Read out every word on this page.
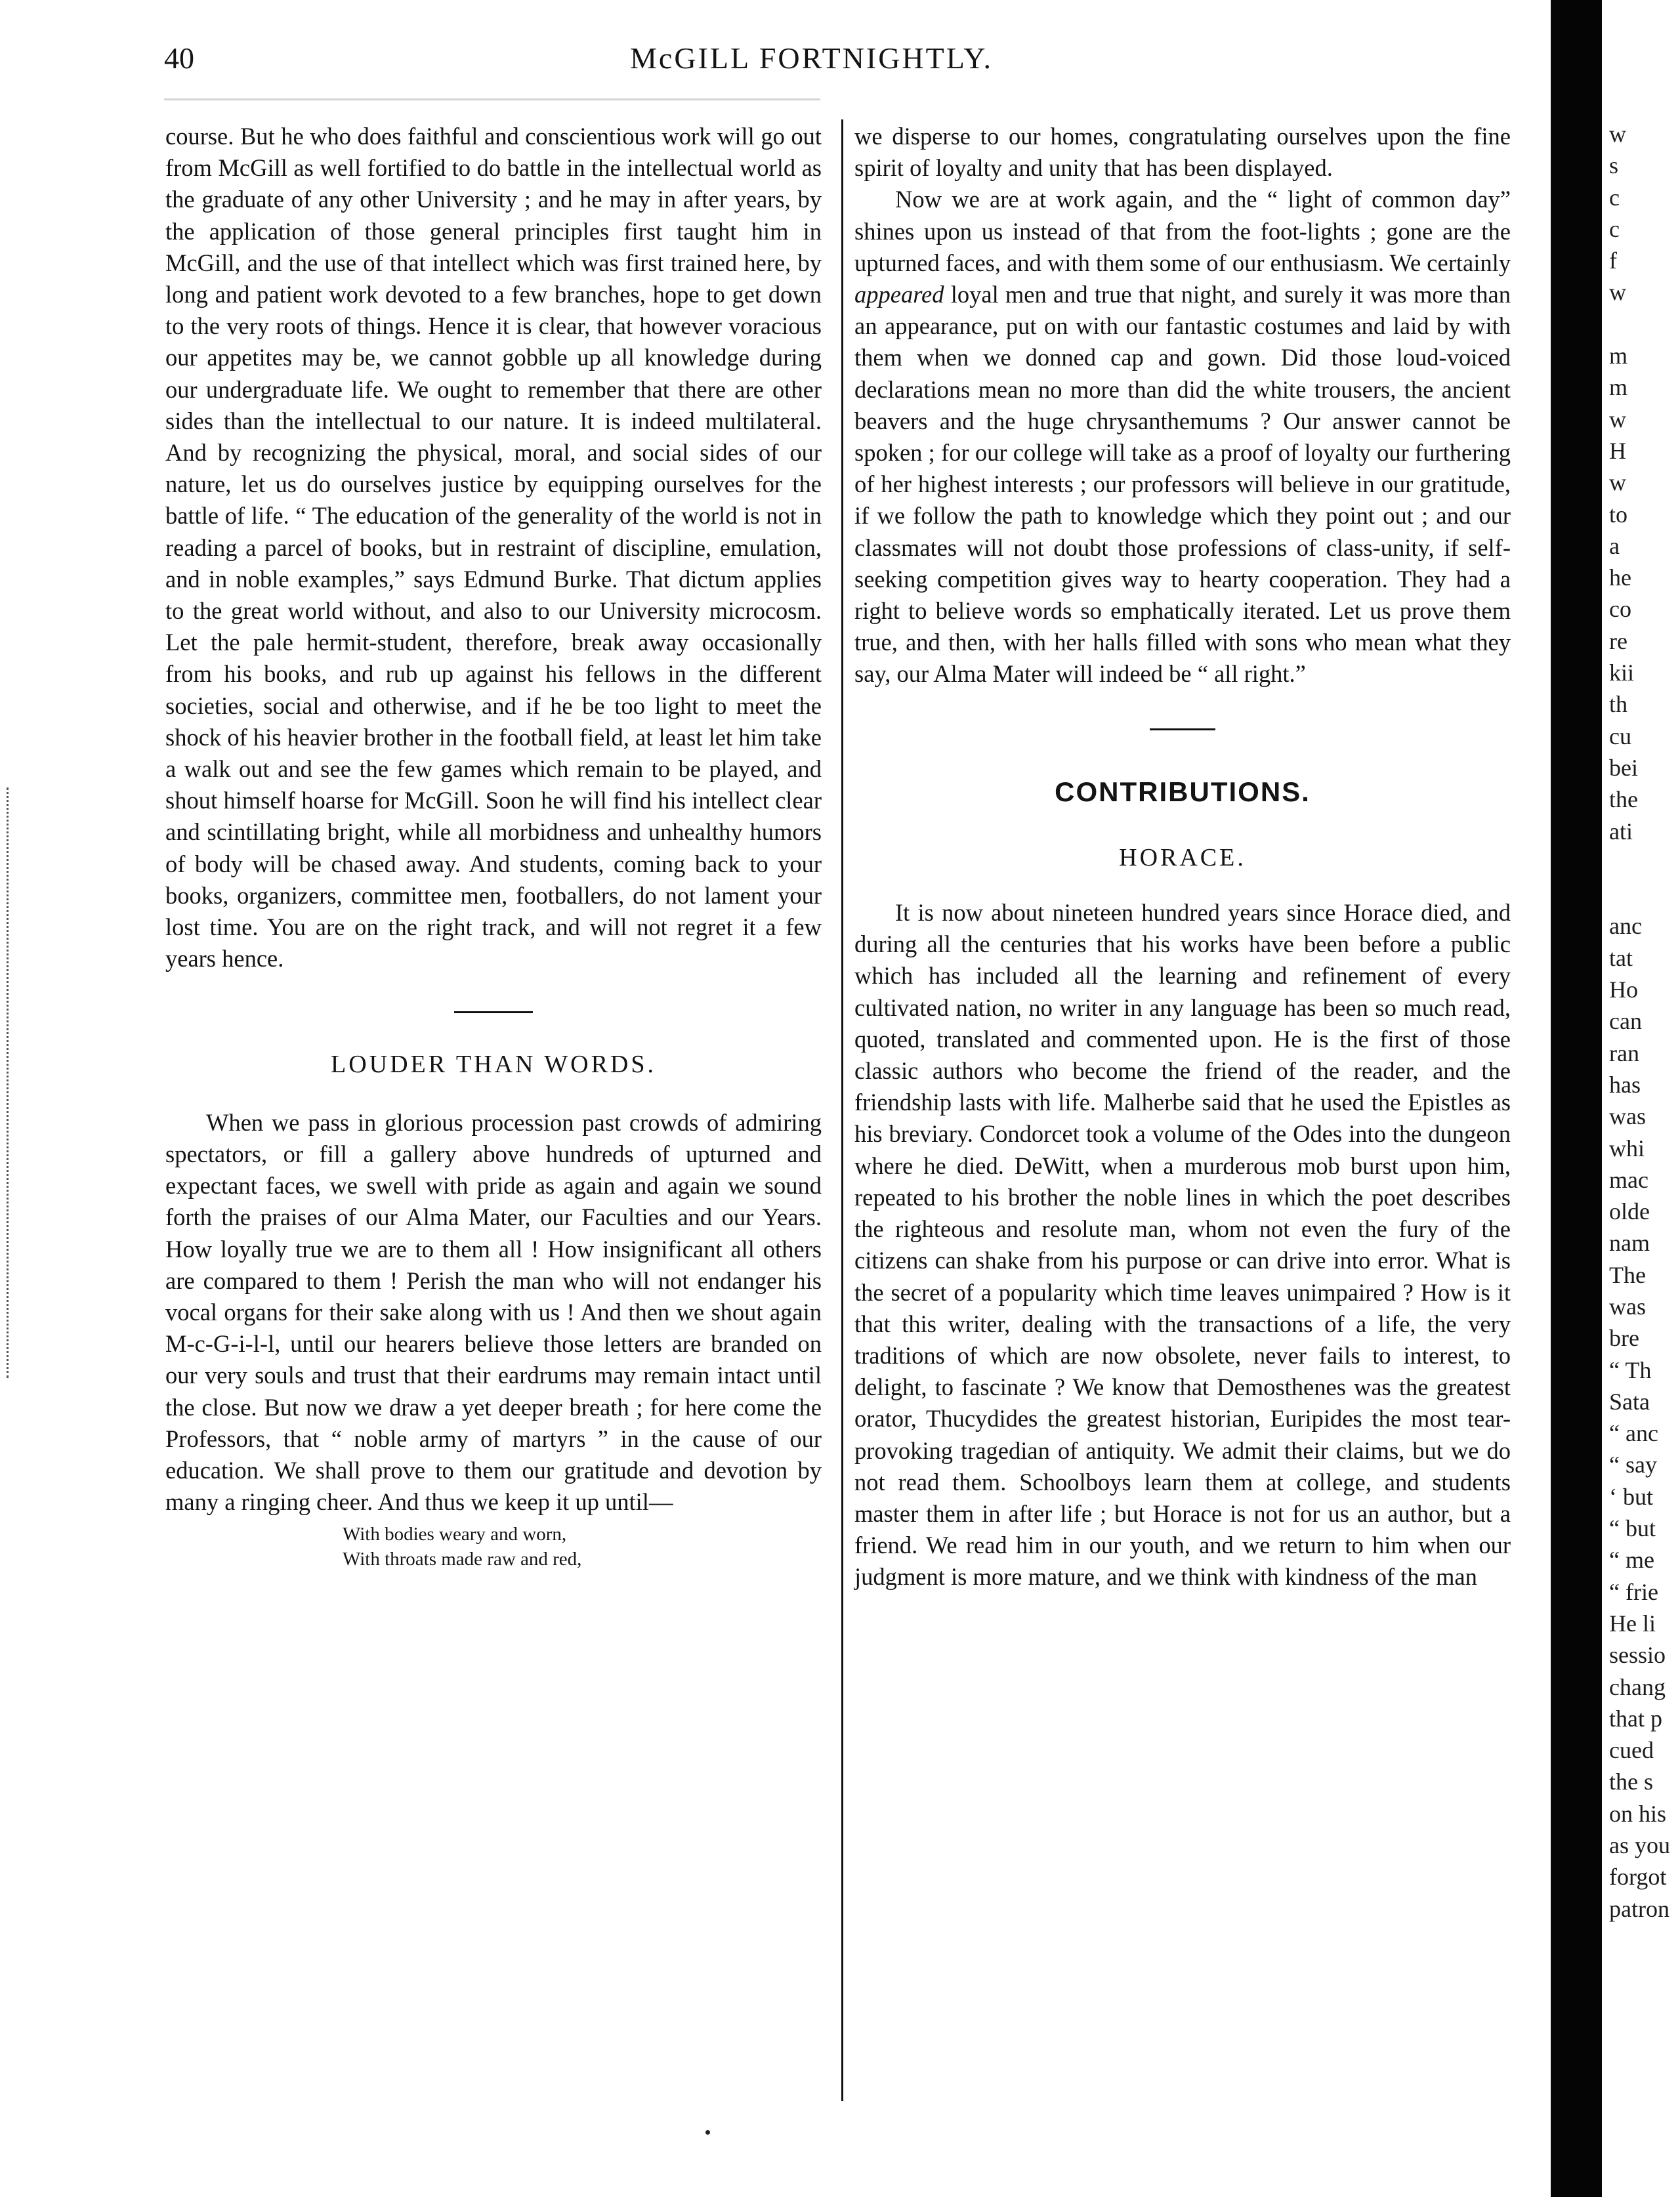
40	McGILL FORTNIGHTLY.

course. But he who does faithful and conscientious work will go out from McGill as well fortified to do battle in the intellectual world as the graduate of any other University ; and he may in after years, by the application of those general principles first taught him in McGill, and the use of that intellect which was first trained here, by long and patient work devoted to a few branches, hope to get down to the very roots of things. Hence it is clear, that however voracious our appetites may be, we cannot gobble up all knowledge during our undergraduate life. We ought to remember that there are other sides than the intellectual to our nature. It is indeed multilateral. And by recognizing the physical, moral, and social sides of our nature, let us do ourselves justice by equipping ourselves for the battle of life. “ The education of the generality of the world is not in reading a parcel of books, but in restraint of discipline, emulation, and in noble examples,” says Edmund Burke. That dictum applies to the great world without, and also to our University microcosm. Let the pale hermit-student, therefore, break away occasionally from his books, and rub up against his fellows in the different societies, social and otherwise, and if he be too light to meet the shock of his heavier brother in the football field, at least let him take a walk out and see the few games which remain to be played, and shout himself hoarse for McGill. Soon he will find his intellect clear and scintillating bright, while all morbidness and unhealthy humors of body will be chased away. And students, coming back to your books, organizers, committee men, footballers, do not lament your lost time. You are on the right track, and will not regret it a few years hence.

LOUDER THAN WORDS.

When we pass in glorious procession past crowds of admiring spectators, or fill a gallery above hundreds of upturned and expectant faces, we swell with pride as again and again we sound forth the praises of our Alma Mater, our Faculties and our Years. How loyally true we are to them all ! How insignificant all others are compared to them ! Perish the man who will not endanger his vocal organs for their sake along with us ! And then we shout again M-c-G-i-l-l, until our hearers believe those letters are branded on our very souls and trust that their eardrums may remain intact until the close. But now we draw a yet deeper breath ; for here come the Professors, that “ noble army of martyrs ” in the cause of our education. We shall prove to them our gratitude and devotion by many a ringing cheer. And thus we keep it up until—

With bodies weary and worn,
With throats made raw and red,

we disperse to our homes, congratulating ourselves upon the fine spirit of loyalty and unity that has been displayed.

Now we are at work again, and the “ light of common day” shines upon us instead of that from the foot-lights ; gone are the upturned faces, and with them some of our enthusiasm. We certainly appeared loyal men and true that night, and surely it was more than an appearance, put on with our fantastic costumes and laid by with them when we donned cap and gown. Did those loud-voiced declarations mean no more than did the white trousers, the ancient beavers and the huge chrysanthemums ? Our answer cannot be spoken ; for our college will take as a proof of loyalty our furthering of her highest interests ; our professors will believe in our gratitude, if we follow the path to knowledge which they point out ; and our classmates will not doubt those professions of class-unity, if self-seeking competition gives way to hearty cooperation. They had a right to believe words so emphatically iterated. Let us prove them true, and then, with her halls filled with sons who mean what they say, our Alma Mater will indeed be “ all right.”

CONTRIBUTIONS.
HORACE.

It is now about nineteen hundred years since Horace died, and during all the centuries that his works have been before a public which has included all the learning and refinement of every cultivated nation, no writer in any language has been so much read, quoted, translated and commented upon. He is the first of those classic authors who become the friend of the reader, and the friendship lasts with life. Malherbe said that he used the Epistles as his breviary. Condorcet took a volume of the Odes into the dungeon where he died. DeWitt, when a murderous mob burst upon him, repeated to his brother the noble lines in which the poet describes the righteous and resolute man, whom not even the fury of the citizens can shake from his purpose or can drive into error. What is the secret of a popularity which time leaves unimpaired ? How is it that this writer, dealing with the transactions of a life, the very traditions of which are now obsolete, never fails to interest, to delight, to fascinate ? We know that Demosthenes was the greatest orator, Thucydides the greatest historian, Euripides the most tear-provoking tragedian of antiquity. We admit their claims, but we do not read them. Schoolboys learn them at college, and students master them in after life ; but Horace is not for us an author, but a friend. We read him in our youth, and we return to him when our judgment is more mature, and we think with kindness of the man

w
s
c
c
f
w
m
m
w
H
w
to
a
he
co
re
kii
th
cu
bei
the
ati
anc
tat
Ho
can
ran
has
was
whi
mac
olde
nam
The
was
bre
“ Th
Sata
“ anc
“ say
‘ but
“ but
“ me
“ frie
He li
sessio
chang
that p
cued
the s
on his
as you
forgot
patron
